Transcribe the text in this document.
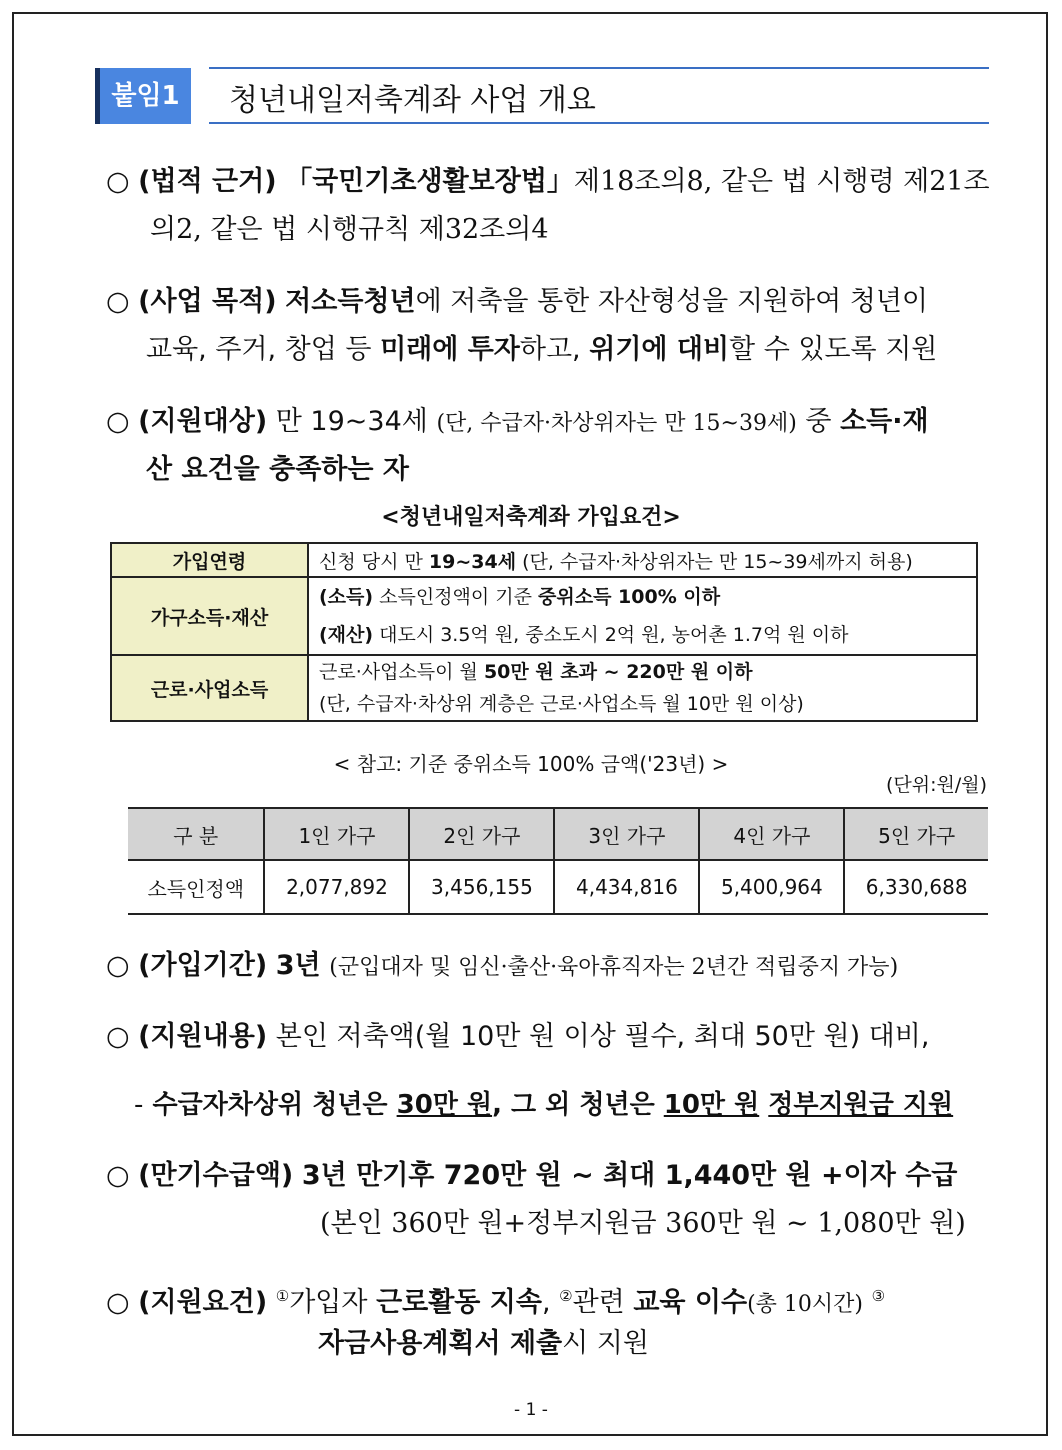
붙임1	청년내일저축계좌 사업 개요
○ (법적 근거) 「국민기초생활보장법」제18조의8, 같은 법 시행령 제21조
의2, 같은 법 시행규칙 제32조의4
○ (사업 목적) 저소득청년에 저축을 통한 자산형성을 지원하여 청년이
교육, 주거, 창업 등 미래에 투자하고, 위기에 대비할 수 있도록 지원
○ (지원대상) 만 19~34세 (단, 수급자·차상위자는 만 15~39세) 중 소득·재
산 요건을 충족하는 자
<청년내일저축계좌 가입요건>
가입연령	신청 당시 만 19~34세 (단, 수급자·차상위자는 만 15~39세까지 허용)
가구소득·재산	(소득) 소득인정액이 기준 중위소득 100% 이하
(재산) 대도시 3.5억 원, 중소도시 2억 원, 농어촌 1.7억 원 이하

근로·사업소득	근로·사업소득이 월 50만 원 초과 ~ 220만 원 이하
(단, 수급자·차상위 계층은 근로·사업소득 월 10만 원 이상)
< 참고: 기준 중위소득 100% 금액('23년) >
(단위:원/월)
구 분	1인 가구	2인 가구	3인 가구	4인 가구	5인 가구
소득인정액	2,077,892	3,456,155	4,434,816	5,400,964	6,330,688
○ (가입기간) 3년 (군입대자 및 임신·출산·육아휴직자는 2년간 적립중지 가능)
○ (지원내용) 본인 저축액(월 10만 원 이상 필수, 최대 50만 원) 대비,
- 수급자차상위 청년은 30만 원, 그 외 청년은 10만 원 정부지원금 지원
○ (만기수급액) 3년 만기후 720만 원 ~ 최대 1,440만 원 +이자 수급
(본인 360만 원+정부지원금 360만 원 ~ 1,080만 원)
○ (지원요건) ①가입자 근로활동 지속, ②관련 교육 이수(총 10시간) ③
자금사용계획서 제출시 지원
- 1 -
